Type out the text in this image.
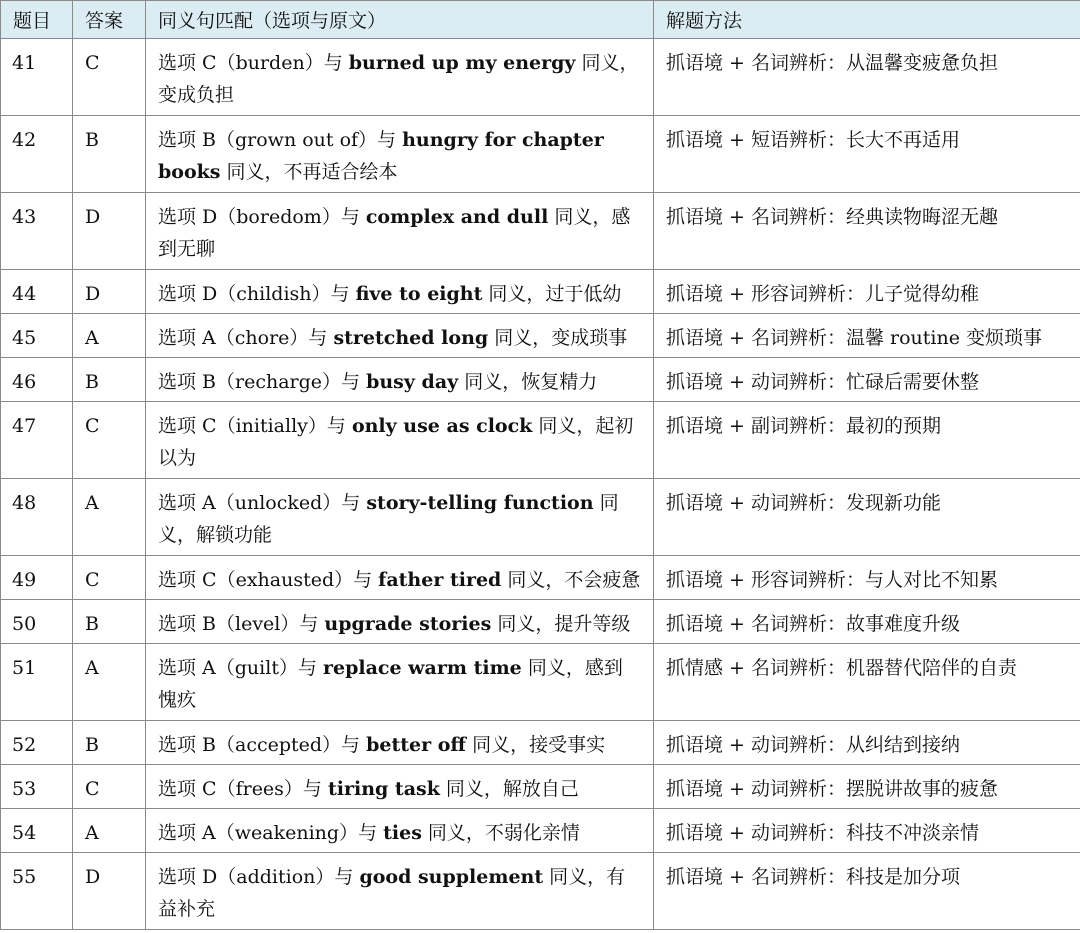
题目	答案	同义句匹配（选项与原文）	解题方法
41	C	选项 C（burden）与 burned up my energy 同义，变成负担	抓语境 + 名词辨析：从温馨变疲惫负担
42	B	选项 B（grown out of）与 hungry for chapter books 同义，不再适合绘本	抓语境 + 短语辨析：长大不再适用
43	D	选项 D（boredom）与 complex and dull 同义，感到无聊	抓语境 + 名词辨析：经典读物晦涩无趣
44	D	选项 D（childish）与 five to eight 同义，过于低幼	抓语境 + 形容词辨析：儿子觉得幼稚
45	A	选项 A（chore）与 stretched long 同义，变成琐事	抓语境 + 名词辨析：温馨 routine 变烦琐事
46	B	选项 B（recharge）与 busy day 同义，恢复精力	抓语境 + 动词辨析：忙碌后需要休整
47	C	选项 C（initially）与 only use as clock 同义，起初以为	抓语境 + 副词辨析：最初的预期
48	A	选项 A（unlocked）与 story-telling function 同义，解锁功能	抓语境 + 动词辨析：发现新功能
49	C	选项 C（exhausted）与 father tired 同义，不会疲惫	抓语境 + 形容词辨析：与人对比不知累
50	B	选项 B（level）与 upgrade stories 同义，提升等级	抓语境 + 名词辨析：故事难度升级
51	A	选项 A（guilt）与 replace warm time 同义，感到愧疚	抓情感 + 名词辨析：机器替代陪伴的自责
52	B	选项 B（accepted）与 better off 同义，接受事实	抓语境 + 动词辨析：从纠结到接纳
53	C	选项 C（frees）与 tiring task 同义，解放自己	抓语境 + 动词辨析：摆脱讲故事的疲惫
54	A	选项 A（weakening）与 ties 同义，不弱化亲情	抓语境 + 动词辨析：科技不冲淡亲情
55	D	选项 D（addition）与 good supplement 同义，有益补充	抓语境 + 名词辨析：科技是加分项
